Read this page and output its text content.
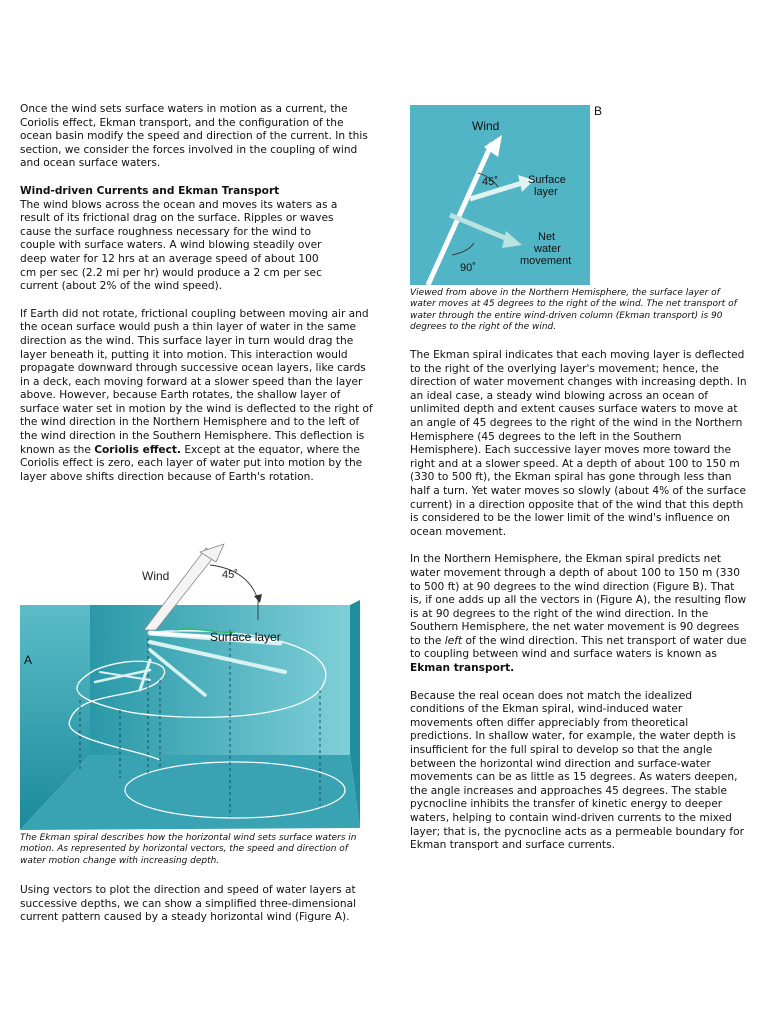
Once the wind sets surface waters in motion as a current, the Coriolis effect, Ekman transport, and the configuration of the ocean basin modify the speed and direction of the current. In this section, we consider the forces involved in the coupling of wind and ocean surface waters.

Wind-driven Currents and Ekman Transport
The wind blows across the ocean and moves its waters as a result of its frictional drag on the surface. Ripples or waves cause the surface roughness necessary for the wind to couple with surface waters. A wind blowing steadily over deep water for 12 hrs at an average speed of about 100 cm per sec (2.2 mi per hr) would produce a 2 cm per sec current (about 2% of the wind speed).

If Earth did not rotate, frictional coupling between moving air and the ocean surface would push a thin layer of water in the same direction as the wind. This surface layer in turn would drag the layer beneath it, putting it into motion. This interaction would propagate downward through successive ocean layers, like cards in a deck, each moving forward at a slower speed than the layer above. However, because Earth rotates, the shallow layer of surface water set in motion by the wind is deflected to the right of the wind direction in the Northern Hemisphere and to the left of the wind direction in the Southern Hemisphere. This deflection is known as the Coriolis effect. Except at the equator, where the Coriolis effect is zero, each layer of water put into motion by the layer above shifts direction because of Earth's rotation.

Wind	45˚
Surface layer
A
The Ekman spiral describes how the horizontal wind sets surface waters in motion. As represented by horizontal vectors, the speed and direction of water motion change with increasing depth.

Using vectors to plot the direction and speed of water layers at successive depths, we can show a simplified three-dimensional current pattern caused by a steady horizontal wind (Figure A).

Wind
45˚	Surface
layer
Net
water
movement
90˚
B
Viewed from above in the Northern Hemisphere, the surface layer of water moves at 45 degrees to the right of the wind. The net transport of water through the entire wind-driven column (Ekman transport) is 90 degrees to the right of the wind.

The Ekman spiral indicates that each moving layer is deflected to the right of the overlying layer's movement; hence, the direction of water movement changes with increasing depth. In an ideal case, a steady wind blowing across an ocean of unlimited depth and extent causes surface waters to move at an angle of 45 degrees to the right of the wind in the Northern Hemisphere (45 degrees to the left in the Southern Hemisphere). Each successive layer moves more toward the right and at a slower speed. At a depth of about 100 to 150 m (330 to 500 ft), the Ekman spiral has gone through less than half a turn. Yet water moves so slowly (about 4% of the surface current) in a direction opposite that of the wind that this depth is considered to be the lower limit of the wind's influence on ocean movement.

In the Northern Hemisphere, the Ekman spiral predicts net water movement through a depth of about 100 to 150 m (330 to 500 ft) at 90 degrees to the wind direction (Figure B). That is, if one adds up all the vectors in (Figure A), the resulting flow is at 90 degrees to the right of the wind direction. In the Southern Hemisphere, the net water movement is 90 degrees to the left of the wind direction. This net transport of water due to coupling between wind and surface waters is known as Ekman transport.

Because the real ocean does not match the idealized conditions of the Ekman spiral, wind-induced water movements often differ appreciably from theoretical predictions. In shallow water, for example, the water depth is insufficient for the full spiral to develop so that the angle between the horizontal wind direction and surface-water movements can be as little as 15 degrees. As waters deepen, the angle increases and approaches 45 degrees. The stable pycnocline inhibits the transfer of kinetic energy to deeper waters, helping to contain wind-driven currents to the mixed layer; that is, the pycnocline acts as a permeable boundary for Ekman transport and surface currents.
